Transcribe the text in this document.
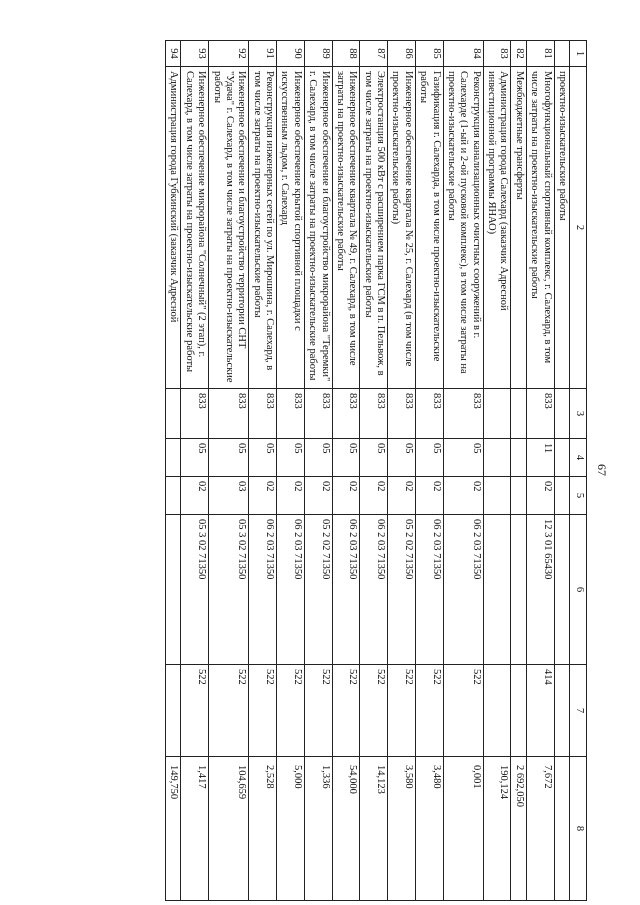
67
1	2	3	4	5	6	7	8
	проектно-изыскательские работы						
81	Многофункциональный спортивный комплекс, г. Салехард, в том числе затраты на проектно-изыскательские работы	833	11	02	12 3 01 65430	414	7,672
82	Межбюджетные трансферты						2 692,050
83	Администрация города Салехард (заказчик Адресной инвестиционной программы ЯНАО)						190,124
84	Реконструкция канализационных очистных сооружений в г. Салехарде (1-ый и 2-ой пусковой комплекс), в том числе затраты на проектно-изыскательские работы	833	05	02	06 2 03 71350	522	0,001
85	Газификация г. Салехарда, в том числе проектно-изыскательские работы	833	05	02	06 2 03 71350	522	3,480
86	Инженерное обеспечение квартала № 25, г. Салехард (в том числе проектно-изыскательские работы)	833	05	02	05 2 02 71350	522	3,580
87	Электростанция 500 кВт с расширением парка ГСМ в п. Пельвож, в том числе затраты на проектно-изыскательские работы	833	05	02	06 2 03 71350	522	14,123
88	Инженерное обеспечение квартала № 49, г. Салехард, в том числе затраты на проектно-изыскательские работы	833	05	02	06 2 03 71350	522	54,000
89	Инженерное обеспечение и благоустройство микрорайона "Теремки" г. Салехард, в том числе затраты на проектно-изыскательские работы	833	05	02	05 2 02 71350	522	1,336
90	Инженерное обеспечение крытой спортивной площадки с искусственным льдом, г. Салехард	833	05	02	06 2 03 71350	522	5,000
91	Реконструкция инженерных сетей по ул. Мирошина, г. Салехард, в том числе затраты на проектно-изыскательские работы	833	05	02	06 2 03 71350	522	2,528
92	Инженерное обеспечение и благоустройство территории СНТ "Удача" г. Салехард, в том числе затраты на проектно-изыскательские работы	833	05	03	05 3 02 71350	522	104,659
93	Инженерное обеспечение микрорайона "Солнечный" (2 этап), г. Салехард, в том числе затраты на проектно-изыскательские работы	833	05	02	05 3 02 71350	522	1,417
94	Администрация города Губкинский (заказчик Адресной						149,750
